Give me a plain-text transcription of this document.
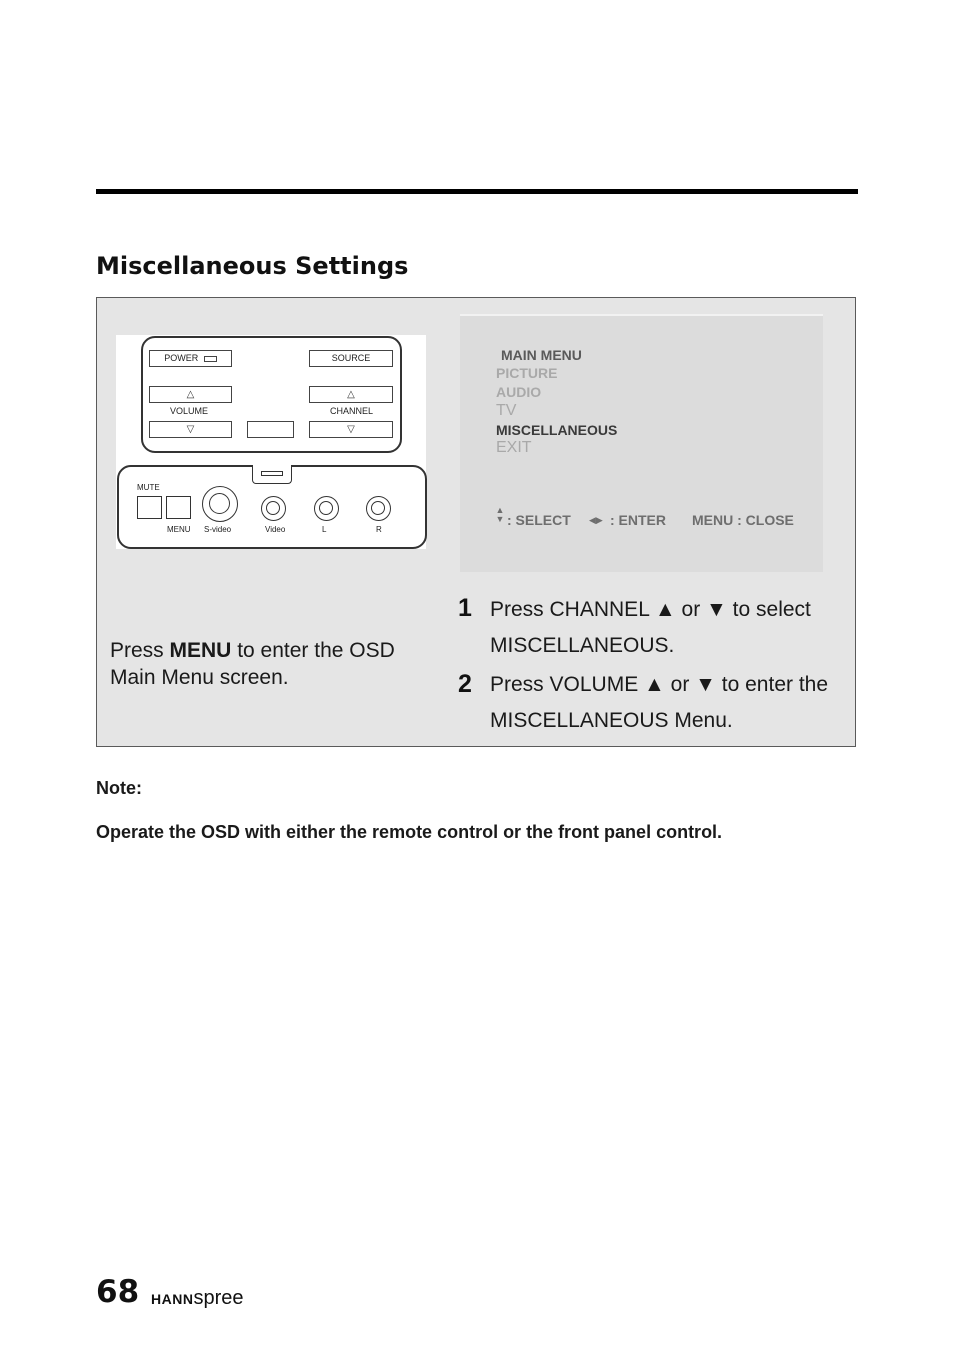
Miscellaneous Settings
POWER	SOURCE
△	△
VOLUME	CHANNEL
▽	▽
MUTE
MENU S-video	Video	L	R
MAIN MENU
PICTURE
AUDIO
TV
MISCELLANEOUS
EXIT
▲
▼ : SELECT ◀▶ : ENTER MENU : CLOSE

Press MENU to enter the OSD Main Menu screen.

1 Press CHANNEL ▲ or ▼ to select MISCELLANEOUS.

2 Press VOLUME ▲ or ▼ to enter the MISCELLANEOUS Menu.

Note:

Operate the OSD with either the remote control or the front panel control.

68 HANNspree
